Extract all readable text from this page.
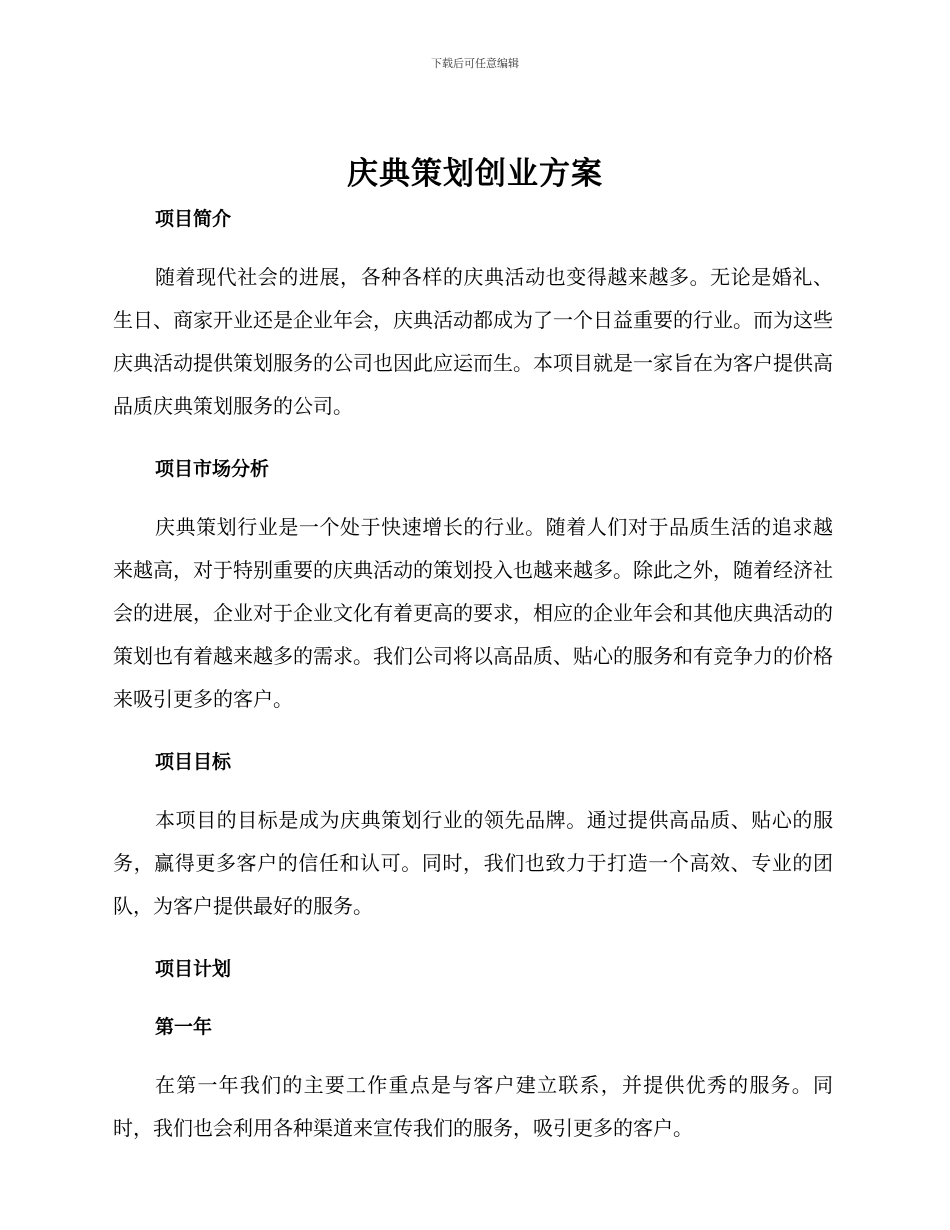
下载后可任意编辑
庆典策划创业方案

项目简介

随着现代社会的进展，各种各样的庆典活动也变得越来越多。无论是婚礼、生日、商家开业还是企业年会，庆典活动都成为了一个日益重要的行业。而为这些庆典活动提供策划服务的公司也因此应运而生。本项目就是一家旨在为客户提供高品质庆典策划服务的公司。

项目市场分析

庆典策划行业是一个处于快速增长的行业。随着人们对于品质生活的追求越来越高，对于特别重要的庆典活动的策划投入也越来越多。除此之外，随着经济社会的进展，企业对于企业文化有着更高的要求，相应的企业年会和其他庆典活动的策划也有着越来越多的需求。我们公司将以高品质、贴心的服务和有竞争力的价格来吸引更多的客户。

项目目标

本项目的目标是成为庆典策划行业的领先品牌。通过提供高品质、贴心的服务，赢得更多客户的信任和认可。同时，我们也致力于打造一个高效、专业的团队，为客户提供最好的服务。

项目计划

第一年

在第一年我们的主要工作重点是与客户建立联系，并提供优秀的服务。同时，我们也会利用各种渠道来宣传我们的服务，吸引更多的客户。
